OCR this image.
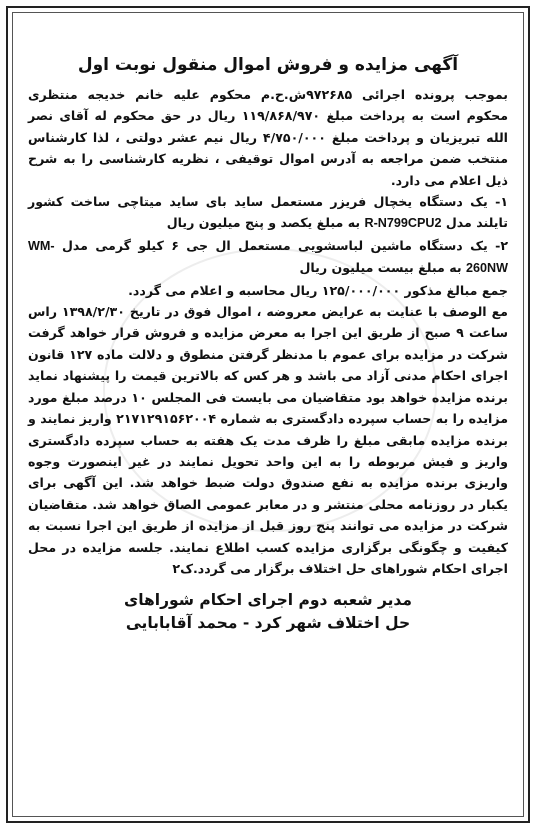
آگهی مزایده و فروش اموال منقول نوبت اول

بموجب پرونده اجرائی ۹۷۲۶۸۵ش.ح.م محکوم علیه خانم خدیجه منتظری محکوم است به پرداخت مبلغ ۱۱۹/۸۶۸/۹۷۰ ریال در حق محکوم له آقای نصر الله تبریزیان و پرداخت مبلغ ۴/۷۵۰/۰۰۰ ریال نیم عشر دولتی ، لذا کارشناس منتخب ضمن مراجعه به آدرس اموال توقیفی ، نظریه کارشناسی را به شرح ذیل اعلام می دارد.

۱- یک دستگاه یخچال فریزر مستعمل ساید بای ساید میتاچی ساخت کشور تایلند مدل R-N799CPU2 به مبلغ یکصد و پنج میلیون ریال

۲- یک دستگاه ماشین لباسشویی مستعمل ال جی ۶ کیلو گرمی مدل WM-260NW به مبلغ بیست میلیون ریال

جمع مبالغ مذکور ۱۲۵/۰۰۰/۰۰۰ ریال محاسبه و اعلام می گردد.

مع الوصف با عنایت به عرایض معروضه ، اموال فوق در تاریخ ۱۳۹۸/۲/۳۰ راس ساعت ۹ صبح از طریق این اجرا به معرض مزایده و فروش قرار خواهد گرفت شرکت در مزایده برای عموم با مدنظر گرفتن منطوق و دلالت ماده ۱۲۷ قانون اجرای احکام مدنی آزاد می باشد و هر کس که بالاترین قیمت را پیشنهاد نماید برنده مزایده خواهد بود متقاضیان می بایست فی المجلس ۱۰ درصد مبلغ مورد مزایده را به حساب سپرده دادگستری به شماره ۲۱۷۱۲۹۱۵۶۲۰۰۴ واریز نمایند و برنده مزایده مابقی مبلغ را ظرف مدت یک هفته به حساب سپرده دادگستری واریز و فیش مربوطه را به این واحد تحویل نمایند در غیر اینصورت وجوه واریزی برنده مزایده به نفع صندوق دولت ضبط خواهد شد. این آگهی برای یکبار در روزنامه محلی منتشر و در معابر عمومی الصاق خواهد شد. متقاضیان شرکت در مزایده می توانند پنج روز قبل از مزایده از طریق این اجرا نسبت به کیفیت و چگونگی برگزاری مزایده کسب اطلاع نمایند. جلسه مزایده در محل اجرای احکام شوراهای حل اختلاف برگزار می گردد.ک۲

مدیر شعبه دوم اجرای احکام شوراهای
حل اختلاف شهر کرد - محمد آقابابایی
